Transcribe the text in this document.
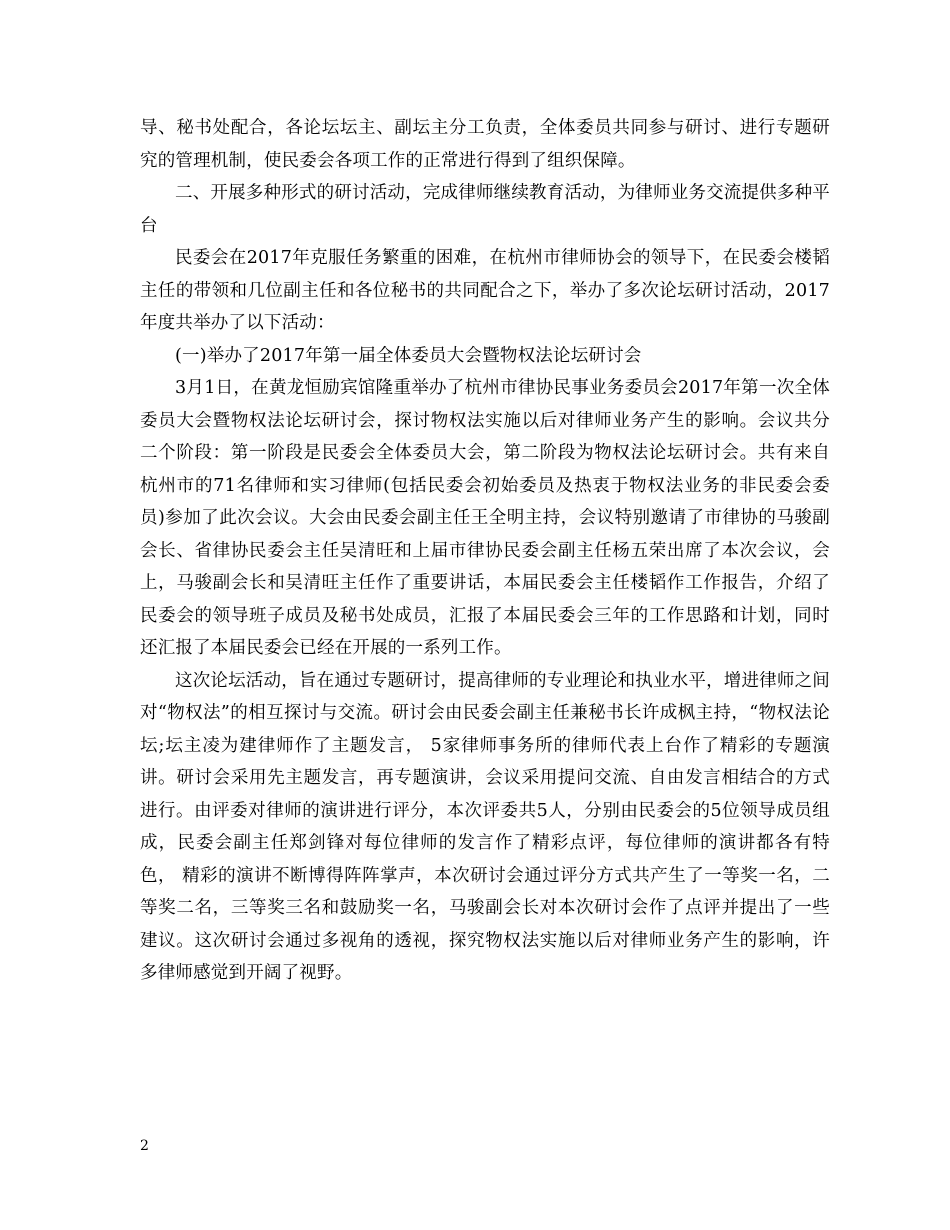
导、秘书处配合，各论坛坛主、副坛主分工负责，全体委员共同参与研讨、进行专题研究的管理机制，使民委会各项工作的正常进行得到了组织保障。

二、开展多种形式的研讨活动，完成律师继续教育活动，为律师业务交流提供多种平台

民委会在2017年克服任务繁重的困难，在杭州市律师协会的领导下，在民委会楼韬主任的带领和几位副主任和各位秘书的共同配合之下，举办了多次论坛研讨活动，2017年度共举办了以下活动：

(一)举办了2017年第一届全体委员大会暨物权法论坛研讨会

3月1日，在黄龙恒励宾馆隆重举办了杭州市律协民事业务委员会2017年第一次全体委员大会暨物权法论坛研讨会，探讨物权法实施以后对律师业务产生的影响。会议共分二个阶段：第一阶段是民委会全体委员大会，第二阶段为物权法论坛研讨会。共有来自杭州市的71名律师和实习律师(包括民委会初始委员及热衷于物权法业务的非民委会委员)参加了此次会议。大会由民委会副主任王全明主持，会议特别邀请了市律协的马骏副会长、省律协民委会主任吴清旺和上届市律协民委会副主任杨五荣出席了本次会议，会上，马骏副会长和吴清旺主任作了重要讲话，本届民委会主任楼韬作工作报告，介绍了民委会的领导班子成员及秘书处成员，汇报了本届民委会三年的工作思路和计划，同时还汇报了本届民委会已经在开展的一系列工作。

这次论坛活动，旨在通过专题研讨，提高律师的专业理论和执业水平，增进律师之间对“物权法”的相互探讨与交流。研讨会由民委会副主任兼秘书长许成枫主持，“物权法论坛;坛主凌为建律师作了主题发言， 5家律师事务所的律师代表上台作了精彩的专题演讲。研讨会采用先主题发言，再专题演讲，会议采用提问交流、自由发言相结合的方式进行。由评委对律师的演讲进行评分，本次评委共5人，分别由民委会的5位领导成员组成，民委会副主任郑剑锋对每位律师的发言作了精彩点评，每位律师的演讲都各有特色， 精彩的演讲不断博得阵阵掌声，本次研讨会通过评分方式共产生了一等奖一名，二等奖二名，三等奖三名和鼓励奖一名，马骏副会长对本次研讨会作了点评并提出了一些建议。这次研讨会通过多视角的透视，探究物权法实施以后对律师业务产生的影响，许多律师感觉到开阔了视野。

2
